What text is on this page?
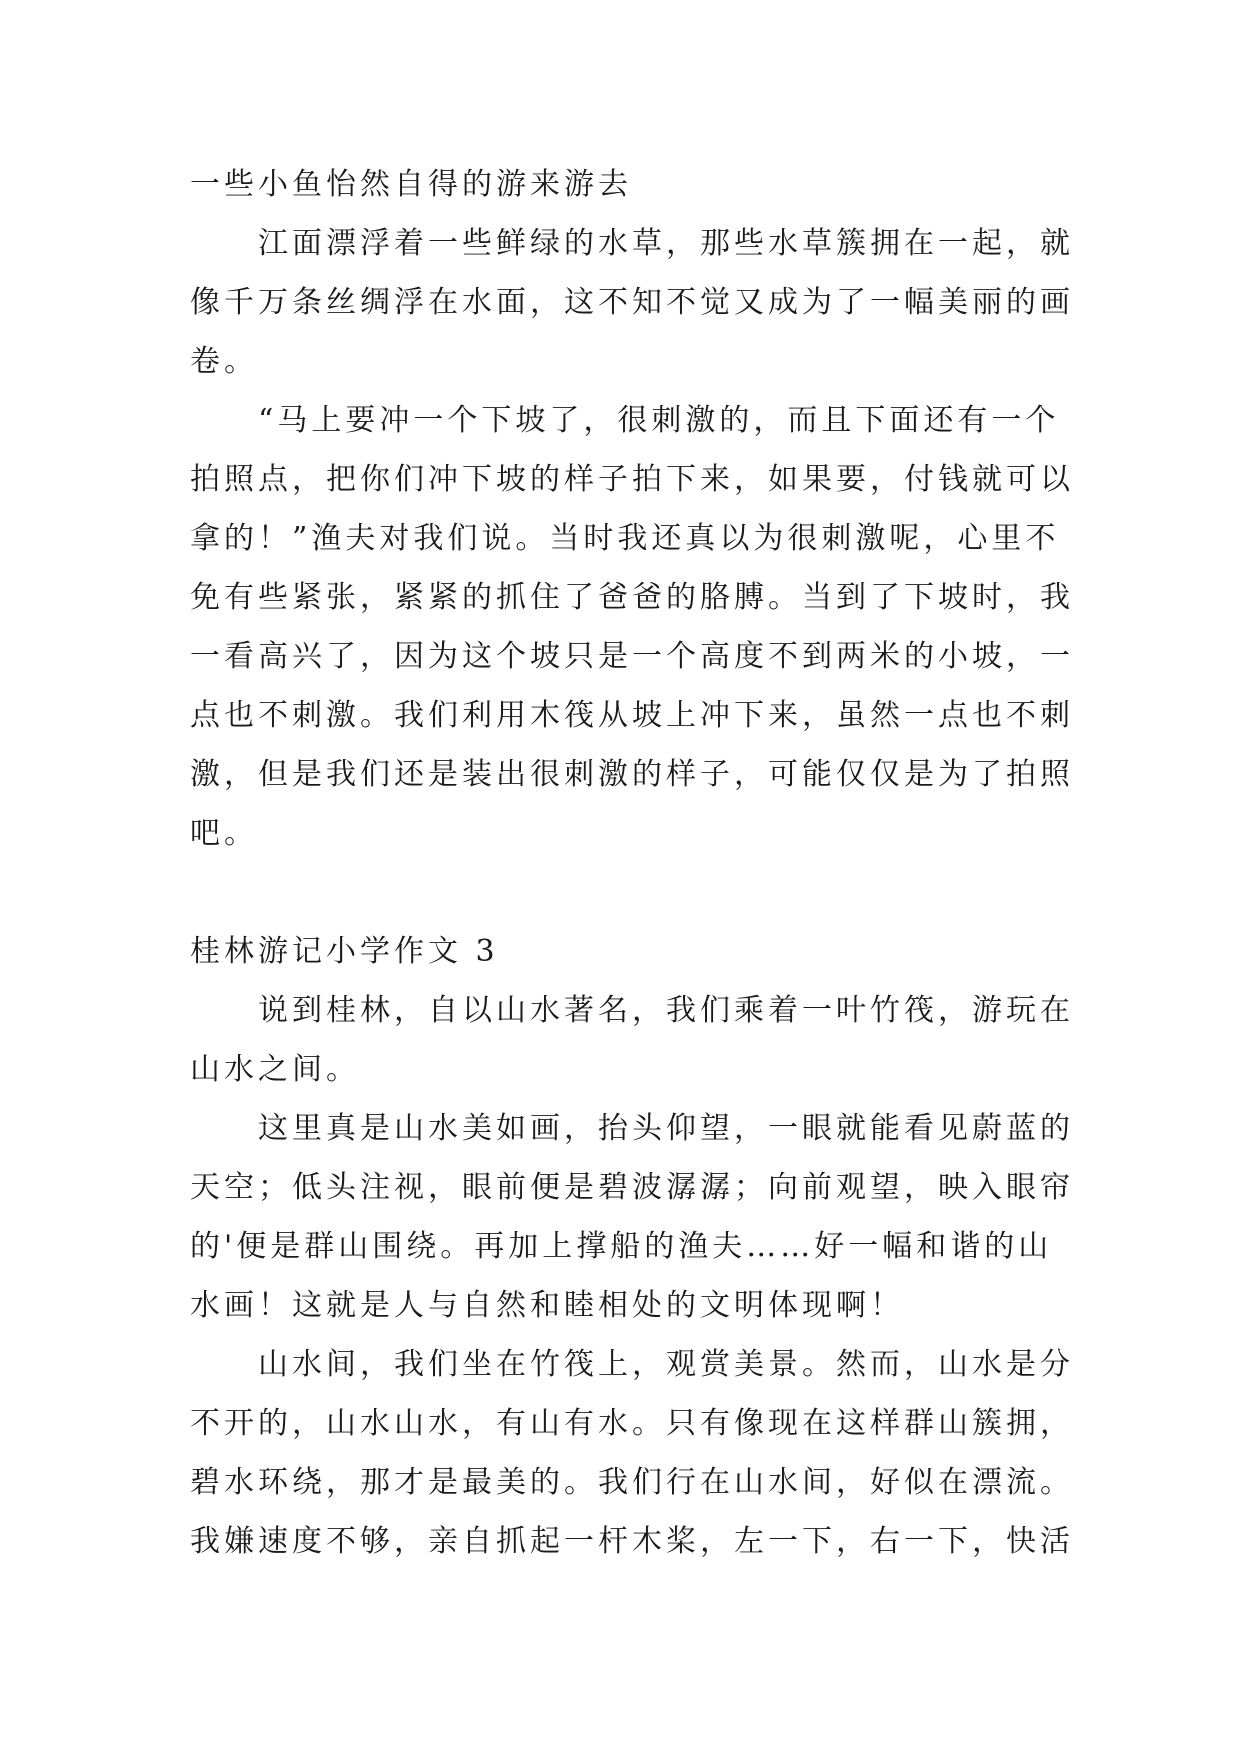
一些小鱼怡然自得的游来游去
江面漂浮着一些鲜绿的水草，那些水草簇拥在一起，就
像千万条丝绸浮在水面，这不知不觉又成为了一幅美丽的画
卷。
“马上要冲一个下坡了，很刺激的，而且下面还有一个
拍照点，把你们冲下坡的样子拍下来，如果要，付钱就可以
拿的！”渔夫对我们说。当时我还真以为很刺激呢，心里不
免有些紧张，紧紧的抓住了爸爸的胳膊。当到了下坡时，我
一看高兴了，因为这个坡只是一个高度不到两米的小坡，一
点也不刺激。我们利用木筏从坡上冲下来，虽然一点也不刺
激，但是我们还是装出很刺激的样子，可能仅仅是为了拍照
吧。
桂林游记小学作文 3
说到桂林，自以山水著名，我们乘着一叶竹筏，游玩在
山水之间。
这里真是山水美如画，抬头仰望，一眼就能看见蔚蓝的
天空；低头注视，眼前便是碧波潺潺；向前观望，映入眼帘
的'便是群山围绕。再加上撑船的渔夫……好一幅和谐的山
水画！这就是人与自然和睦相处的文明体现啊！
山水间，我们坐在竹筏上，观赏美景。然而，山水是分
不开的，山水山水，有山有水。只有像现在这样群山簇拥，
碧水环绕，那才是最美的。我们行在山水间，好似在漂流。
我嫌速度不够，亲自抓起一杆木桨，左一下，右一下，快活
